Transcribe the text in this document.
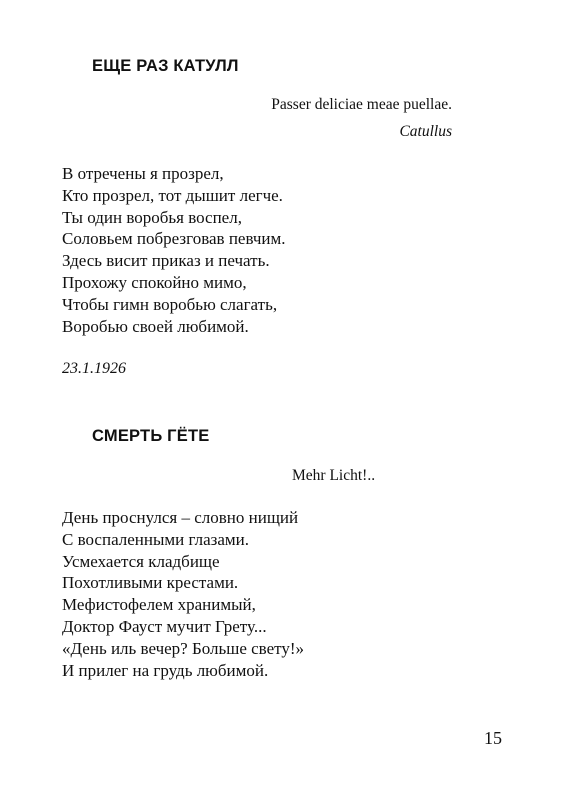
ЕЩЕ РАЗ КАТУЛЛ
Passer deliciae meae puellae.
Catullus
В отречены я прозрел,
Кто прозрел, тот дышит легче.
Ты один воробья воспел,
Соловьем побрезговав певчим.
Здесь висит приказ и печать.
Прохожу спокойно мимо,
Чтобы гимн воробью слагать,
Воробью своей любимой.
23.1.1926
СМЕРТЬ ГЁТЕ
Mehr Licht!..
День проснулся – словно нищий
С воспаленными глазами.
Усмехается кладбище
Похотливыми крестами.
Мефистофелем хранимый,
Доктор Фауст мучит Грету...
«День иль вечер? Больше свету!»
И прилег на грудь любимой.
15
